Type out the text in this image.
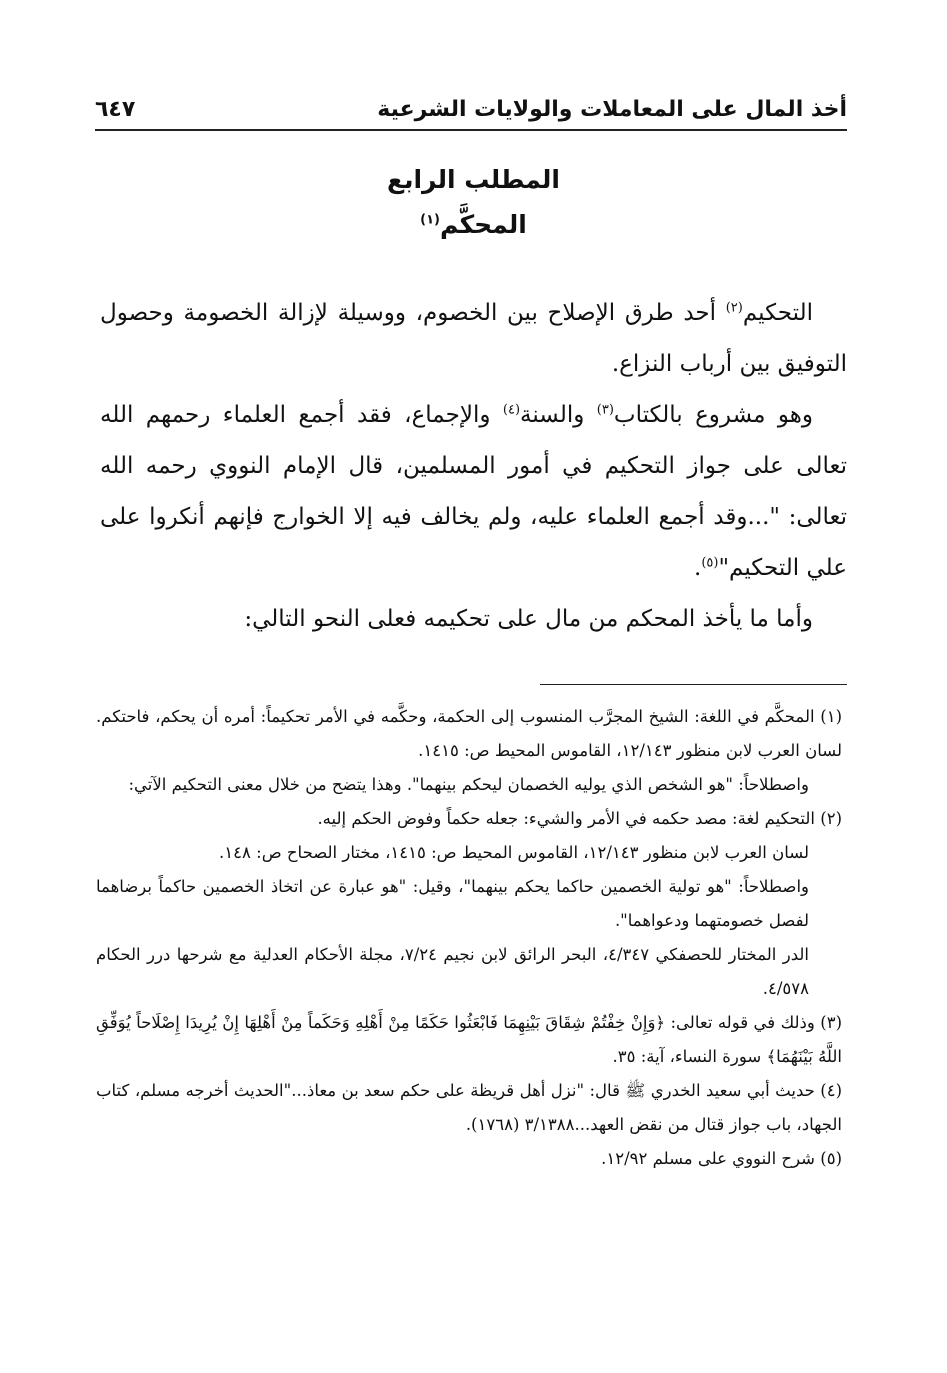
أخذ المال على المعاملات والولايات الشرعية
٦٤٧
المطلب الرابع
المحكَّم$^{(١)}$

التحكيم$^{(٢)}$ أحد طرق الإصلاح بين الخصوم، ووسيلة لإزالة الخصومة وحصول التوفيق بين أرباب النزاع.

وهو مشروع بالكتاب$^{(٣)}$ والسنة$^{(٤)}$ والإجماع، فقد أجمع العلماء رحمهم الله تعالى على جواز التحكيم في أمور المسلمين، قال الإمام النووي رحمه الله تعالى: "...وقد أجمع العلماء عليه، ولم يخالف فيه إلا الخوارج فإنهم أنكروا على علي التحكيم"$^{(٥)}$.

وأما ما يأخذ المحكم من مال على تحكيمه فعلى النحو التالي:

(١) المحكَّم في اللغة: الشيخ المجرَّب المنسوب إلى الحكمة، وحكَّمه في الأمر تحكيماً: أمره أن يحكم، فاحتكم. لسان العرب لابن منظور ١٢/١٤٣، القاموس المحيط ص: ١٤١٥.

واصطلاحاً: "هو الشخص الذي يوليه الخصمان ليحكم بينهما". وهذا يتضح من خلال معنى التحكيم الآتي:

(٢) التحكيم لغة: مصد حكمه في الأمر والشيء: جعله حكماً وفوض الحكم إليه.

لسان العرب لابن منظور ١٢/١٤٣، القاموس المحيط ص: ١٤١٥، مختار الصحاح ص: ١٤٨.

واصطلاحاً: "هو تولية الخصمين حاكما يحكم بينهما"، وقيل: "هو عبارة عن اتخاذ الخصمين حاكماً برضاهما لفصل خصومتهما ودعواهما".

الدر المختار للحصفكي ٤/٣٤٧، البحر الرائق لابن نجيم ٧/٢٤، مجلة الأحكام العدلية مع شرحها درر الحكام ٤/٥٧٨.

(٣) وذلك في قوله تعالى: ﴿وَإِنْ خِفْتُمْ شِقَاقَ بَيْنِهِمَا فَابْعَثُوا حَكَمًا مِنْ أَهْلِهِ وَحَكَماً مِنْ أَهْلِهَا إِنْ يُرِيدَا إِصْلَاحاً يُوَفِّقِ اللَّهُ بَيْنَهُمَا﴾ سورة النساء، آية: ٣٥.

(٤) حديث أبي سعيد الخدري ﷺ قال: "نزل أهل قريظة على حكم سعد بن معاذ..."الحديث أخرجه مسلم، كتاب الجهاد، باب جواز قتال من نقض العهد...٣/١٣٨٨ (١٧٦٨).

(٥) شرح النووي على مسلم ١٢/٩٢.
